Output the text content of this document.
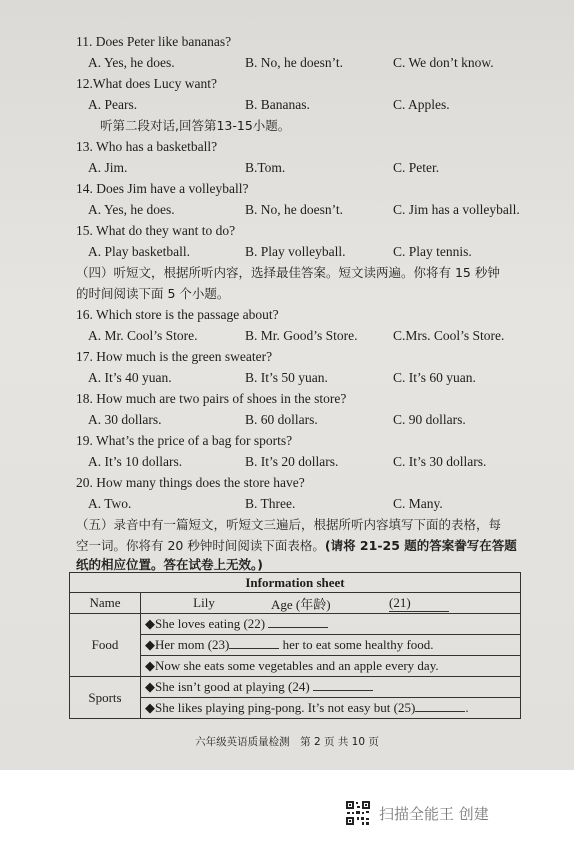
11. Does Peter like bananas?
A. Yes, he does.	B. No, he doesn’t.	C. We don’t know.
12.What does Lucy want?
A. Pears.	B. Bananas.	C. Apples.
听第二段对话,回答第13-15小题。
13. Who has a basketball?
A. Jim.	B.Tom.	C. Peter.
14. Does Jim have a volleyball?
A. Yes, he does.	B. No, he doesn’t.	C. Jim has a volleyball.
15. What do they want to do?
A. Play basketball.	B. Play volleyball.	C. Play tennis.
（四）听短文，根据所听内容，选择最佳答案。短文读两遍。你将有 15 秒钟
的时间阅读下面 5 个小题。
16. Which store is the passage about?
A. Mr. Cool’s Store.	B. Mr. Good’s Store.	C.Mrs. Cool’s Store.
17. How much is the green sweater?
A. It’s 40 yuan.	B. It’s 50 yuan.	C. It’s 60 yuan.
18. How much are two pairs of shoes in the store?
A. 30 dollars.	B. 60 dollars.	C. 90 dollars.
19. What’s the price of a bag for sports?
A. It’s 10 dollars.	B. It’s 20 dollars.	C. It’s 30 dollars.
20. How many things does the store have?
A. Two.	B. Three.	C. Many.
（五）录音中有一篇短文，听短文三遍后，根据所听内容填写下面的表格，每
空一词。你将有 20 秒钟时间阅读下面表格。(请将 21-25 题的答案誊写在答题
纸的相应位置。答在试卷上无效。)
Information sheet			
Name	Lily	Age (年龄)	(21)
Food	◆She loves eating (22)		
	◆Her mom (23) her to eat some healthy food.		
	◆Now she eats some vegetables and an apple every day.		
Sports	◆She isn’t good at playing (24)		
	◆She likes playing ping-pong. It’s not easy but (25) .		
六年级英语质量检测　第 2 页 共 10 页
扫描全能王 创建
